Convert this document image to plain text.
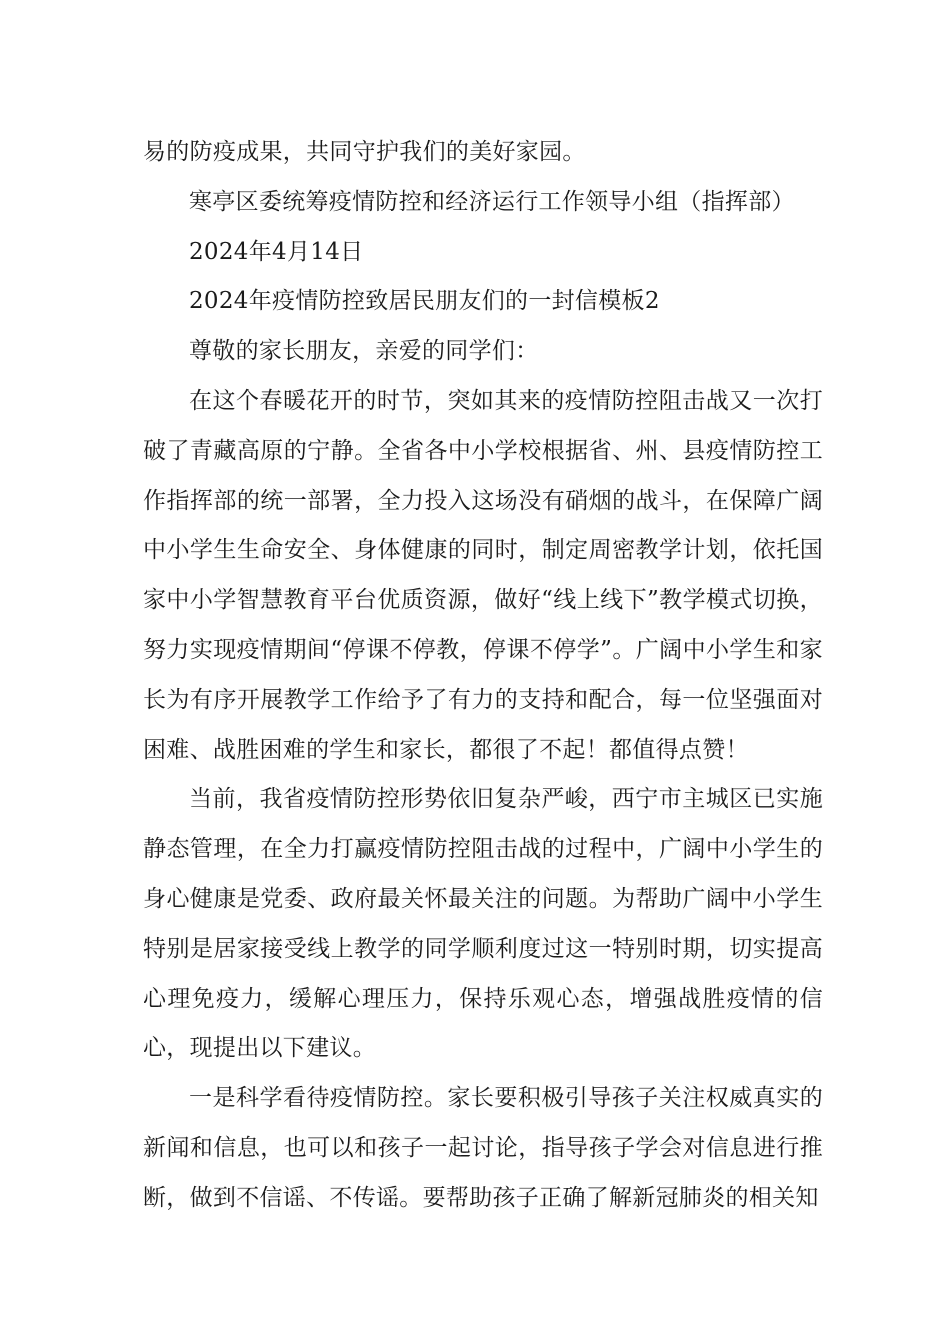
易的防疫成果，共同守护我们的美好家园。

寒亭区委统筹疫情防控和经济运行工作领导小组（指挥部）

2024年4月14日

2024年疫情防控致居民朋友们的一封信模板2

尊敬的家长朋友，亲爱的同学们：

在这个春暖花开的时节，突如其来的疫情防控阻击战又一次打破了青藏高原的宁静。全省各中小学校根据省、州、县疫情防控工作指挥部的统一部署，全力投入这场没有硝烟的战斗，在保障广阔中小学生生命安全、身体健康的同时，制定周密教学计划，依托国家中小学智慧教育平台优质资源，做好“线上线下”教学模式切换，努力实现疫情期间“停课不停教，停课不停学”。广阔中小学生和家长为有序开展教学工作给予了有力的支持和配合，每一位坚强面对困难、战胜困难的学生和家长，都很了不起！都值得点赞！

当前，我省疫情防控形势依旧复杂严峻，西宁市主城区已实施静态管理，在全力打赢疫情防控阻击战的过程中，广阔中小学生的身心健康是党委、政府最关怀最关注的问题。为帮助广阔中小学生特别是居家接受线上教学的同学顺利度过这一特别时期，切实提高心理免疫力，缓解心理压力，保持乐观心态，增强战胜疫情的信心，现提出以下建议。

一是科学看待疫情防控。家长要积极引导孩子关注权威真实的新闻和信息，也可以和孩子一起讨论，指导孩子学会对信息进行推断，做到不信谣、不传谣。要帮助孩子正确了解新冠肺炎的相关知
